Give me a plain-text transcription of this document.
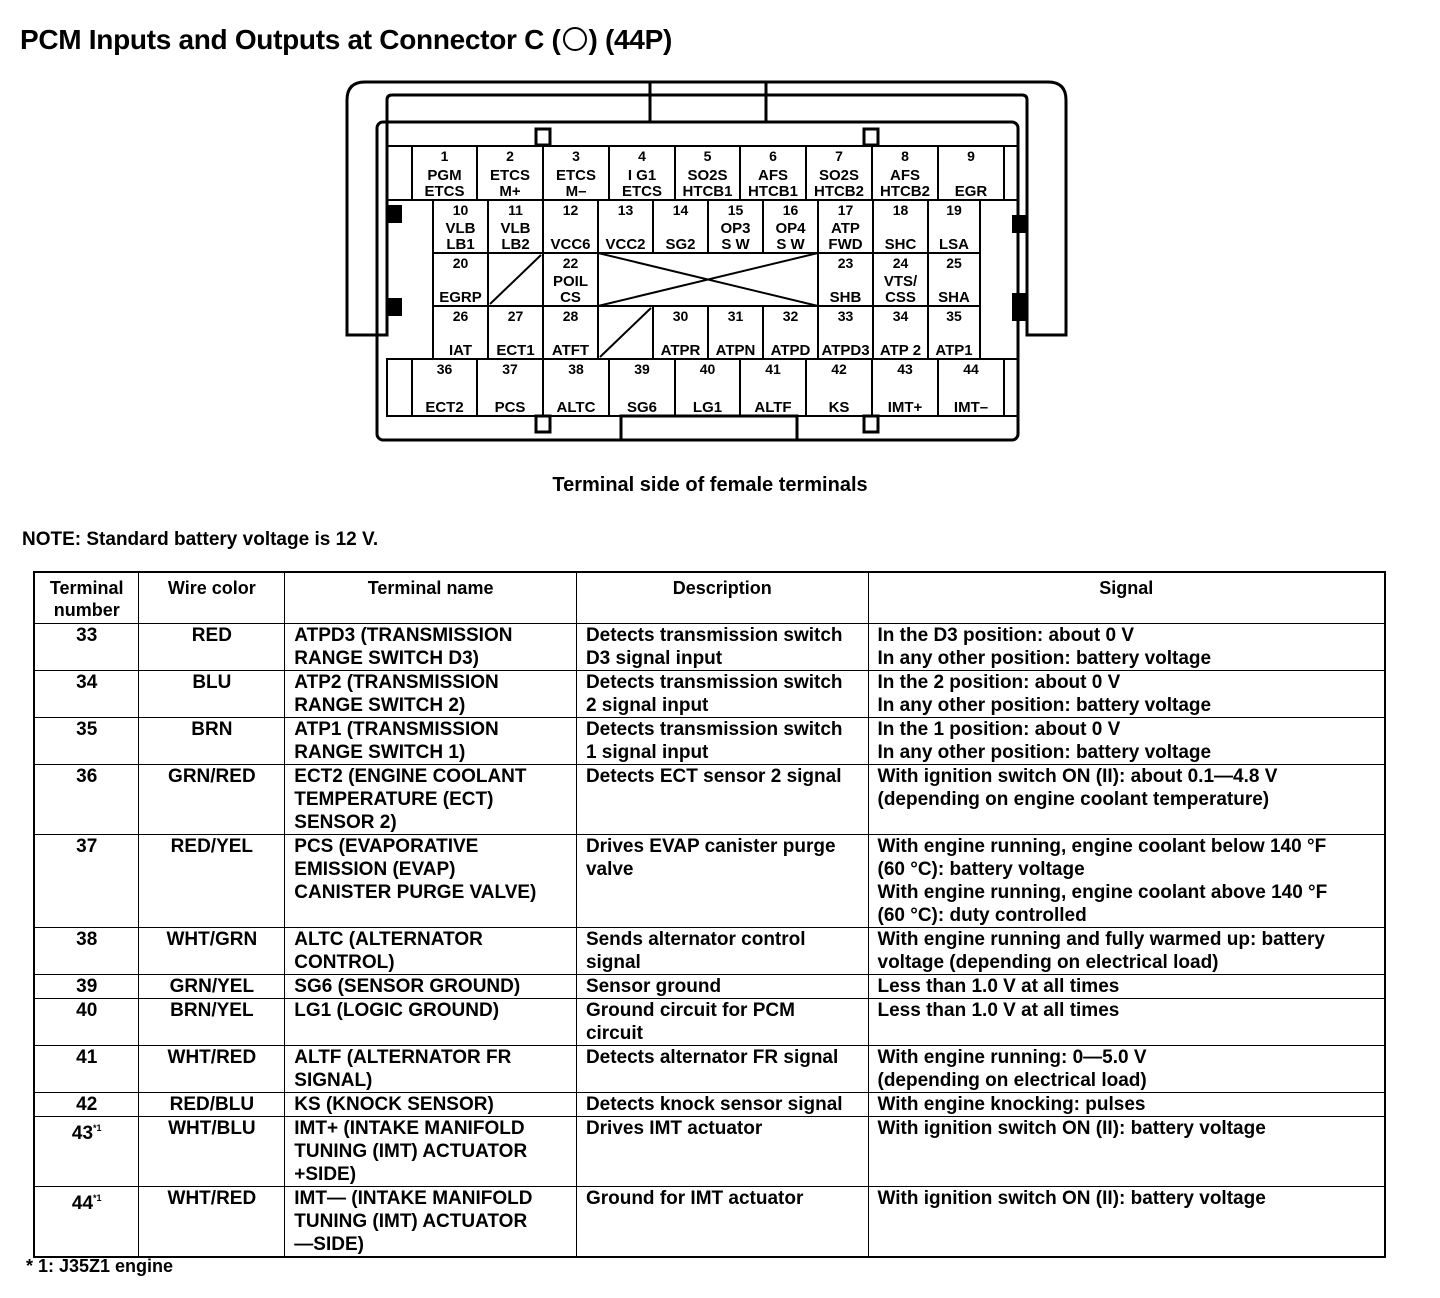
PCM Inputs and Outputs at Connector C ( ) (44P)
1
PGM
ETCS
2
ETCS
M+
3
ETCS
M–
4
I G1
ETCS
5
SO2S
HTCB1
6
AFS
HTCB1
7
SO2S
HTCB2
8
AFS
HTCB2
9
EGR
10
VLB
LB1
11
VLB
LB2
12
VCC6
13
VCC2
14
SG2
15
OP3
S W
16
OP4
S W
17
ATP
FWD
18
SHC
19
LSA
20
EGRP
22
POIL
CS
23
SHB
24
VTS/
CSS
25
SHA
26
IAT
27
ECT1
28
ATFT
30
ATPR
31
ATPN
32
ATPD
33
ATPD3
34
ATP 2
35
ATP1
36
ECT2
37
PCS
38
ALTC
39
SG6
40
LG1
41
ALTF
42
KS
43
IMT+
44
IMT–
Terminal side of female terminals
NOTE: Standard battery voltage is 12 V.
Terminal
number	Wire color	Terminal name	Description	Signal
33	RED	ATPD3 (TRANSMISSION
RANGE SWITCH D3)	Detects transmission switch
D3 signal input	In the D3 position: about 0 V
In any other position: battery voltage
34	BLU	ATP2 (TRANSMISSION
RANGE SWITCH 2)	Detects transmission switch
2 signal input	In the 2 position: about 0 V
In any other position: battery voltage
35	BRN	ATP1 (TRANSMISSION
RANGE SWITCH 1)	Detects transmission switch
1 signal input	In the 1 position: about 0 V
In any other position: battery voltage
36	GRN/RED	ECT2 (ENGINE COOLANT
TEMPERATURE (ECT)
SENSOR 2)	Detects ECT sensor 2 signal	With ignition switch ON (II): about 0.1—4.8 V
(depending on engine coolant temperature)
37	RED/YEL	PCS (EVAPORATIVE
EMISSION (EVAP)
CANISTER PURGE VALVE)	Drives EVAP canister purge
valve	With engine running, engine coolant below 140 °F
(60 °C): battery voltage
With engine running, engine coolant above 140 °F
(60 °C): duty controlled
38	WHT/GRN	ALTC (ALTERNATOR
CONTROL)	Sends alternator control
signal	With engine running and fully warmed up: battery
voltage (depending on electrical load)
39	GRN/YEL	SG6 (SENSOR GROUND)	Sensor ground	Less than 1.0 V at all times
40	BRN/YEL	LG1 (LOGIC GROUND)	Ground circuit for PCM
circuit	Less than 1.0 V at all times
41	WHT/RED	ALTF (ALTERNATOR FR
SIGNAL)	Detects alternator FR signal	With engine running: 0—5.0 V
(depending on electrical load)
42	RED/BLU	KS (KNOCK SENSOR)	Detects knock sensor signal	With engine knocking: pulses
43$^{*1}$	WHT/BLU	IMT+ (INTAKE MANIFOLD
TUNING (IMT) ACTUATOR
+SIDE)	Drives IMT actuator	With ignition switch ON (II): battery voltage
44$^{*1}$	WHT/RED	IMT— (INTAKE MANIFOLD
TUNING (IMT) ACTUATOR
—SIDE)	Ground for IMT actuator	With ignition switch ON (II): battery voltage
* 1: J35Z1 engine
